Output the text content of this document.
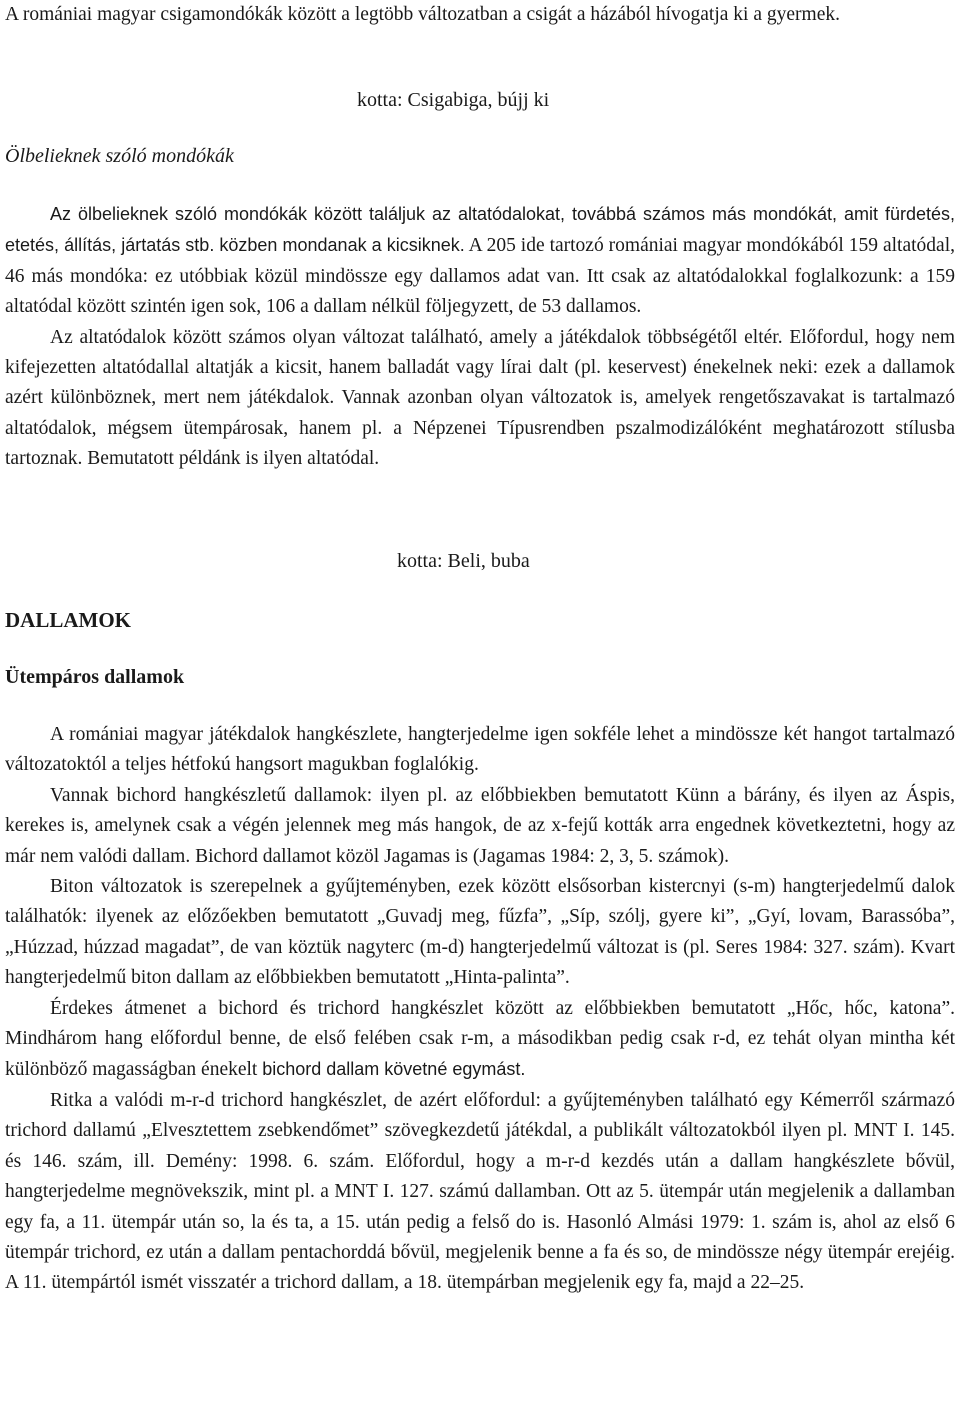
A romániai magyar csigamondókák között a legtöbb változatban a csigát a házából hívogatja ki a gyermek.

kotta: Csigabiga, bújj ki
Ölbelieknek szóló mondókák

Az ölbelieknek szóló mondókák között találjuk az altatódalokat, továbbá számos más mondókát, amit fürdetés, etetés, állítás, jártatás stb. közben mondanak a kicsiknek. A 205 ide tartozó romániai magyar mondókából 159 altatódal, 46 más mondóka: ez utóbbiak közül mindössze egy dallamos adat van. Itt csak az altatódalokkal foglalkozunk: a 159 altatódal között szintén igen sok, 106 a dallam nélkül följegyzett, de 53 dallamos.

Az altatódalok között számos olyan változat található, amely a játékdalok többségétől eltér. Előfordul, hogy nem kifejezetten altatódallal altatják a kicsit, hanem balladát vagy lírai dalt (pl. keservest) énekelnek neki: ezek a dallamok azért különböznek, mert nem játékdalok. Vannak azonban olyan változatok is, amelyek rengetőszavakat is tartalmazó altatódalok, mégsem ütempárosak, hanem pl. a Népzenei Típusrendben pszalmodizálóként meghatározott stílusba tartoznak. Bemutatott példánk is ilyen altatódal.

kotta: Beli, buba
DALLAMOK
Ütempáros dallamok

A romániai magyar játékdalok hangkészlete, hangterjedelme igen sokféle lehet a mindössze két hangot tartalmazó változatoktól a teljes hétfokú hangsort magukban foglalókig.

Vannak bichord hangkészletű dallamok: ilyen pl. az előbbiekben bemutatott Künn a bárány, és ilyen az Áspis, kerekes is, amelynek csak a végén jelennek meg más hangok, de az x-fejű kották arra engednek következtetni, hogy az már nem valódi dallam. Bichord dallamot közöl Jagamas is (Jagamas 1984: 2, 3, 5. számok).

Biton változatok is szerepelnek a gyűjteményben, ezek között elsősorban kistercnyi (s-m) hangterjedelmű dalok találhatók: ilyenek az előzőekben bemutatott „Guvadj meg, fűzfa”, „Síp, szólj, gyere ki”, „Gyí, lovam, Barassóba”, „Húzzad, húzzad magadat”, de van köztük nagyterc (m-d) hangterjedelmű változat is (pl. Seres 1984: 327. szám). Kvart hangterjedelmű biton dallam az előbbiekben bemutatott „Hinta-palinta”.

Érdekes átmenet a bichord és trichord hangkészlet között az előbbiekben bemutatott „Hőc, hőc, katona”. Mindhárom hang előfordul benne, de első felében csak r-m, a másodikban pedig csak r-d, ez tehát olyan mintha két különböző magasságban énekelt bichord dallam követné egymást.

Ritka a valódi m-r-d trichord hangkészlet, de azért előfordul: a gyűjteményben található egy Kémerről származó trichord dallamú „Elvesztettem zsebkendőmet” szövegkezdetű játékdal, a publikált változatokból ilyen pl. MNT I. 145. és 146. szám, ill. Demény: 1998. 6. szám. Előfordul, hogy a m-r-d kezdés után a dallam hangkészlete bővül, hangterjedelme megnövekszik, mint pl. a MNT I. 127. számú dallamban. Ott az 5. ütempár után megjelenik a dallamban egy fa, a 11. ütempár után so, la és ta, a 15. után pedig a felső do is. Hasonló Almási 1979: 1. szám is, ahol az első 6 ütempár trichord, ez után a dallam pentachorddá bővül, megjelenik benne a fa és so, de mindössze négy ütempár erejéig. A 11. ütempártól ismét visszatér a trichord dallam, a 18. ütempárban megjelenik egy fa, majd a 22–25.
